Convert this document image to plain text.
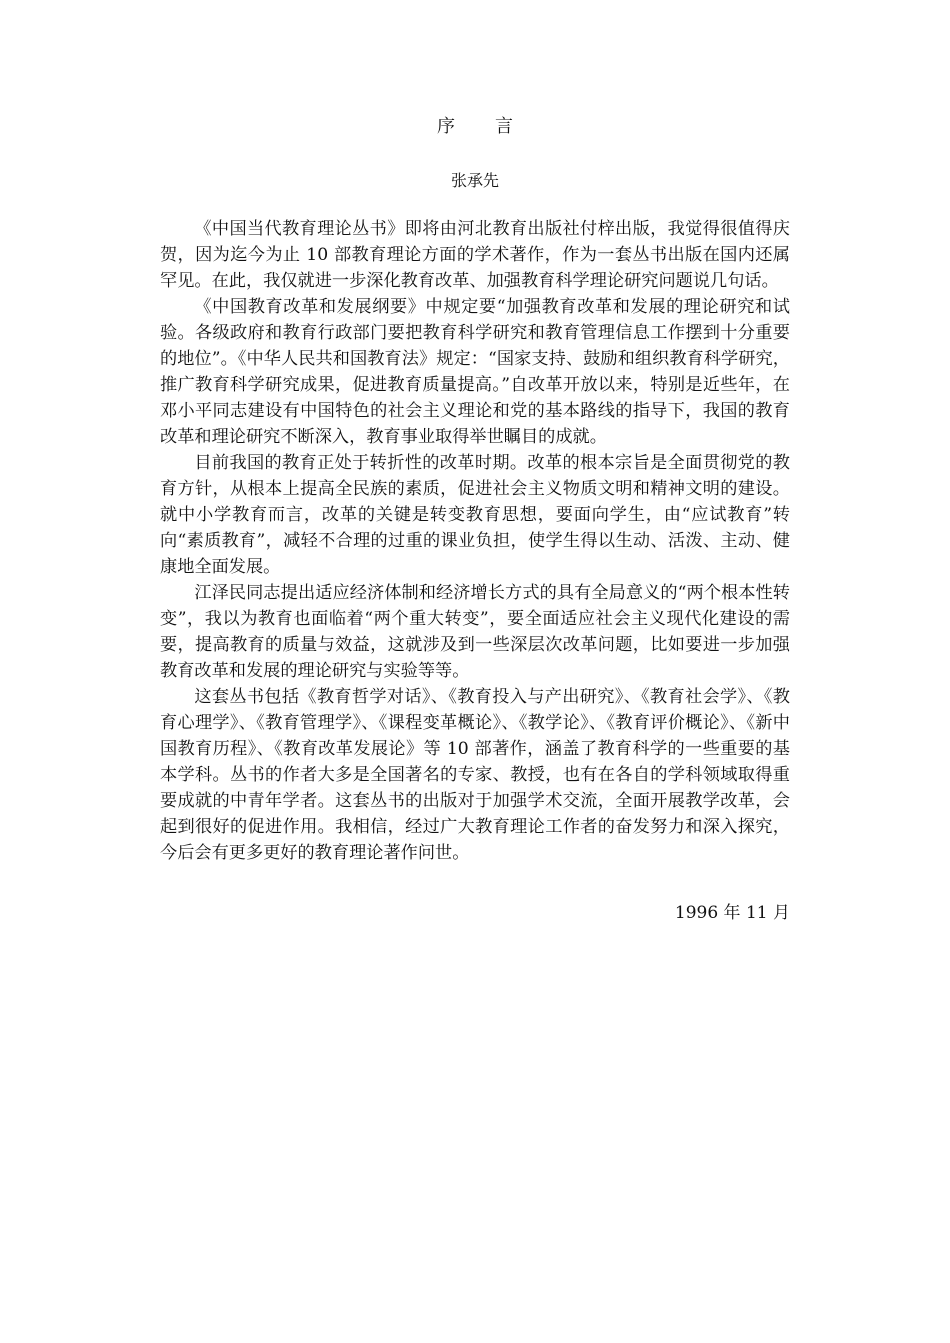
序言
张承先

《中国当代教育理论丛书》即将由河北教育出版社付梓出版，我觉得很值得庆贺，因为迄今为止 10 部教育理论方面的学术著作，作为一套丛书出版在国内还属罕见。在此，我仅就进一步深化教育改革、加强教育科学理论研究问题说几句话。

《中国教育改革和发展纲要》中规定要“加强教育改革和发展的理论研究和试验。各级政府和教育行政部门要把教育科学研究和教育管理信息工作摆到十分重要的地位”。《中华人民共和国教育法》规定：“国家支持、鼓励和组织教育科学研究，推广教育科学研究成果，促进教育质量提高。”自改革开放以来，特别是近些年，在邓小平同志建设有中国特色的社会主义理论和党的基本路线的指导下，我国的教育改革和理论研究不断深入，教育事业取得举世瞩目的成就。

目前我国的教育正处于转折性的改革时期。改革的根本宗旨是全面贯彻党的教育方针，从根本上提高全民族的素质，促进社会主义物质文明和精神文明的建设。就中小学教育而言，改革的关键是转变教育思想，要面向学生，由“应试教育”转向“素质教育”，减轻不合理的过重的课业负担，使学生得以生动、活泼、主动、健康地全面发展。

江泽民同志提出适应经济体制和经济增长方式的具有全局意义的“两个根本性转变”，我以为教育也面临着“两个重大转变”，要全面适应社会主义现代化建设的需要，提高教育的质量与效益，这就涉及到一些深层次改革问题，比如要进一步加强教育改革和发展的理论研究与实验等等。

这套丛书包括《教育哲学对话》、《教育投入与产出研究》、《教育社会学》、《教育心理学》、《教育管理学》、《课程变革概论》、《教学论》、《教育评价概论》、《新中国教育历程》、《教育改革发展论》等 10 部著作，涵盖了教育科学的一些重要的基本学科。丛书的作者大多是全国著名的专家、教授，也有在各自的学科领域取得重要成就的中青年学者。这套丛书的出版对于加强学术交流，全面开展教学改革，会起到很好的促进作用。我相信，经过广大教育理论工作者的奋发努力和深入探究，今后会有更多更好的教育理论著作问世。

1996 年 11 月
